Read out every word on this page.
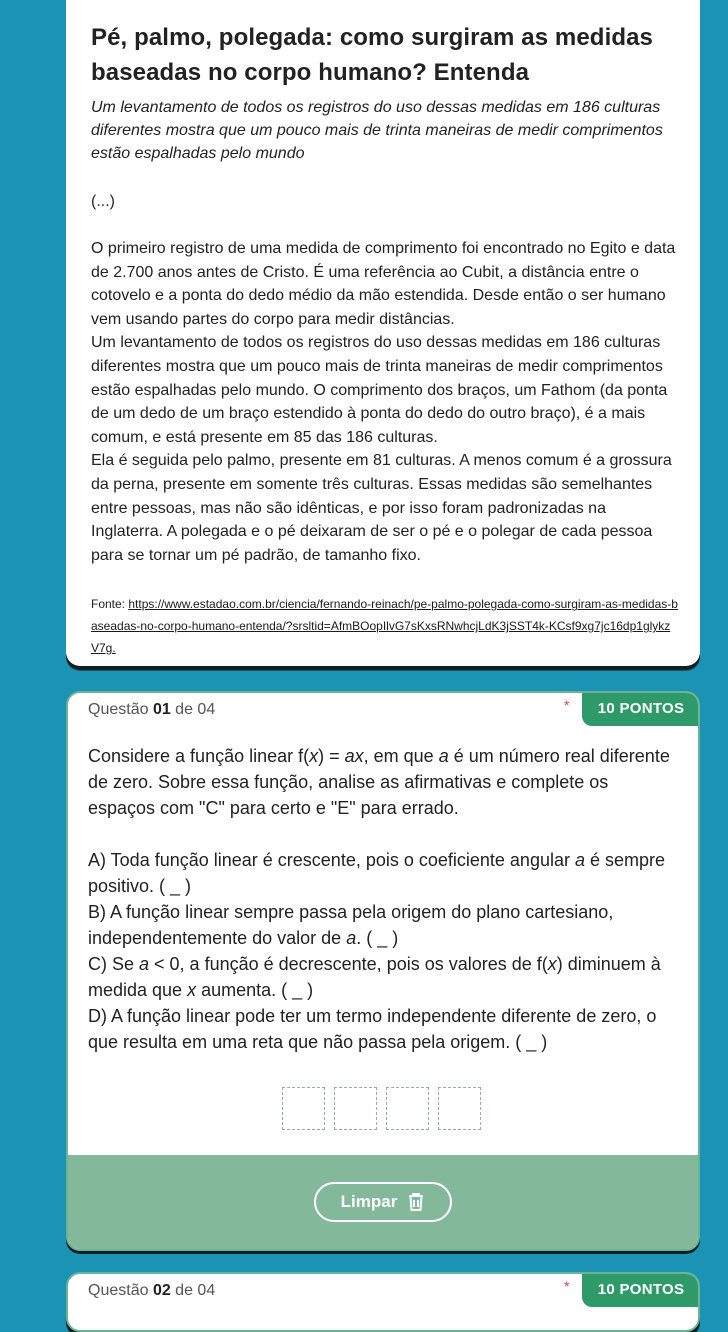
Pé, palmo, polegada: como surgiram as medidas baseadas no corpo humano? Entenda

Um levantamento de todos os registros do uso dessas medidas em 186 culturas diferentes mostra que um pouco mais de trinta maneiras de medir comprimentos estão espalhadas pelo mundo

(...)

O primeiro registro de uma medida de comprimento foi encontrado no Egito e data de 2.700 anos antes de Cristo. É uma referência ao Cubit, a distância entre o cotovelo e a ponta do dedo médio da mão estendida. Desde então o ser humano vem usando partes do corpo para medir distâncias.

Um levantamento de todos os registros do uso dessas medidas em 186 culturas diferentes mostra que um pouco mais de trinta maneiras de medir comprimentos estão espalhadas pelo mundo. O comprimento dos braços, um Fathom (da ponta de um dedo de um braço estendido à ponta do dedo do outro braço), é a mais comum, e está presente em 85 das 186 culturas.

Ela é seguida pelo palmo, presente em 81 culturas. A menos comum é a grossura da perna, presente em somente três culturas. Essas medidas são semelhantes entre pessoas, mas não são idênticas, e por isso foram padronizadas na Inglaterra. A polegada e o pé deixaram de ser o pé e o polegar de cada pessoa para se tornar um pé padrão, de tamanho fixo.

Fonte: https://www.estadao.com.br/ciencia/fernando-reinach/pe-palmo-polegada-como-surgiram-as-medidas-baseadas-no-corpo-humano-entenda/?srsltid=AfmBOopIlvG7sKxsRNwhcjLdK3jSST4k-KCsf9xg7jc16dp1glykzV7g.

Questão 01 de 04	*	10 PONTOS

Considere a função linear f(x) = ax, em que a é um número real diferente de zero. Sobre essa função, analise as afirmativas e complete os espaços com "C" para certo e "E" para errado.

A) Toda função linear é crescente, pois o coeficiente angular a é sempre positivo. ( _ )

B) A função linear sempre passa pela origem do plano cartesiano, independentemente do valor de a. ( _ )

C) Se a < 0, a função é decrescente, pois os valores de f(x) diminuem à medida que x aumenta. ( _ )

D) A função linear pode ter um termo independente diferente de zero, o que resulta em uma reta que não passa pela origem. ( _ )

Limpar
Questão 02 de 04	*	10 PONTOS
